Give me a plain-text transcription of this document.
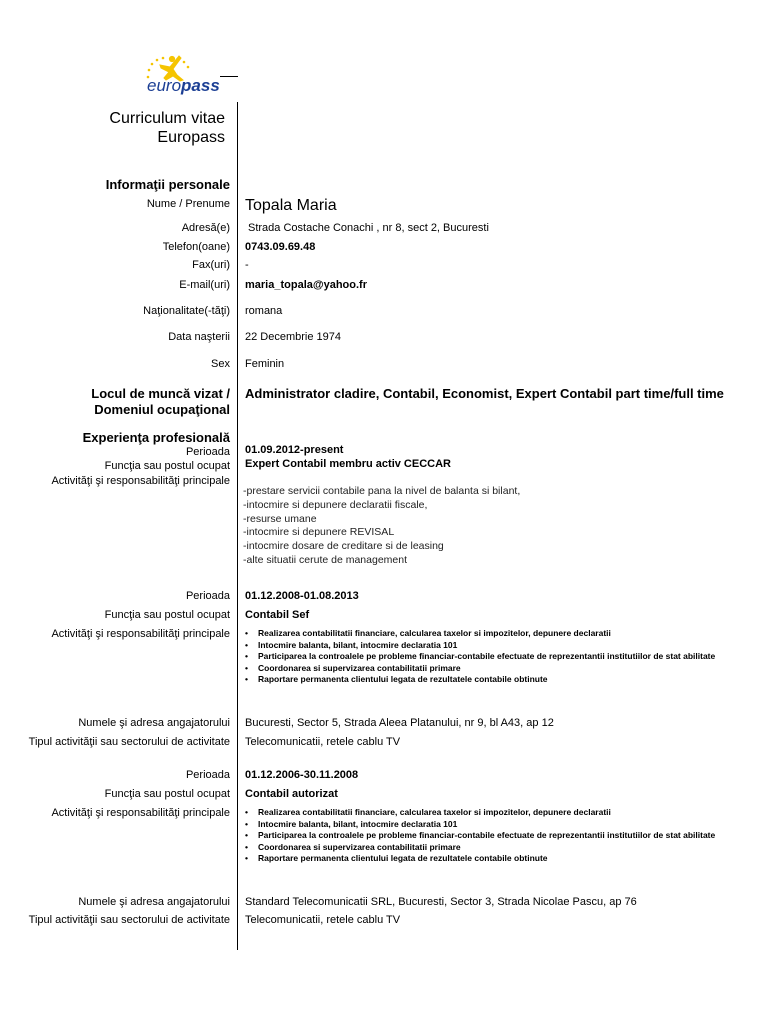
europass
Curriculum vitae
Europass
Informaţii personale
Nume / Prenume Topala Maria
Adresă(e) Strada Costache Conachi , nr 8, sect 2, Bucuresti
Telefon(oane) 0743.09.69.48
Fax(uri) -
E-mail(uri) maria_topala@yahoo.fr
Naţionalitate(-tăţi) romana
Data naşterii 22 Decembrie 1974
Sex Feminin
Locul de muncă vizat /
Domeniul ocupaţional
Administrator cladire, Contabil, Economist, Expert Contabil part time/full time
Experienţa profesională
Perioada 01.09.2012-present
Funcţia sau postul ocupat Expert Contabil membru activ CECCAR
Activităţi şi responsabilităţi principale
-prestare servicii contabile pana la nivel de balanta si bilant,
-intocmire si depunere declaratii fiscale,
-resurse umane
-intocmire si depunere REVISAL
-intocmire dosare de creditare si de leasing
-alte situatii cerute de management
Perioada 01.12.2008-01.08.2013
Funcţia sau postul ocupat Contabil Sef
Activităţi şi responsabilităţi principale	• Realizarea contabilitatii financiare, calcularea taxelor si impozitelor, depunere declaratii
• Intocmire balanta, bilant, intocmire declaratia 101
• Participarea la controalele pe probleme financiar-contabile efectuate de reprezentantii institutiilor de stat abilitate
• Coordonarea si supervizarea contabilitatii primare
• Raportare permanenta clientului legata de rezultatele contabile obtinute
Numele şi adresa angajatorului Bucuresti, Sector 5, Strada Aleea Platanului, nr 9, bl A43, ap 12
Tipul activităţii sau sectorului de activitate Telecomunicatii, retele cablu TV
Perioada 01.12.2006-30.11.2008
Funcţia sau postul ocupat Contabil autorizat
Activităţi şi responsabilităţi principale	• Realizarea contabilitatii financiare, calcularea taxelor si impozitelor, depunere declaratii
• Intocmire balanta, bilant, intocmire declaratia 101
• Participarea la controalele pe probleme financiar-contabile efectuate de reprezentantii institutiilor de stat abilitate
• Coordonarea si supervizarea contabilitatii primare
• Raportare permanenta clientului legata de rezultatele contabile obtinute
Numele şi adresa angajatorului Standard Telecomunicatii SRL, Bucuresti, Sector 3, Strada Nicolae Pascu, ap 76
Tipul activităţii sau sectorului de activitate Telecomunicatii, retele cablu TV
